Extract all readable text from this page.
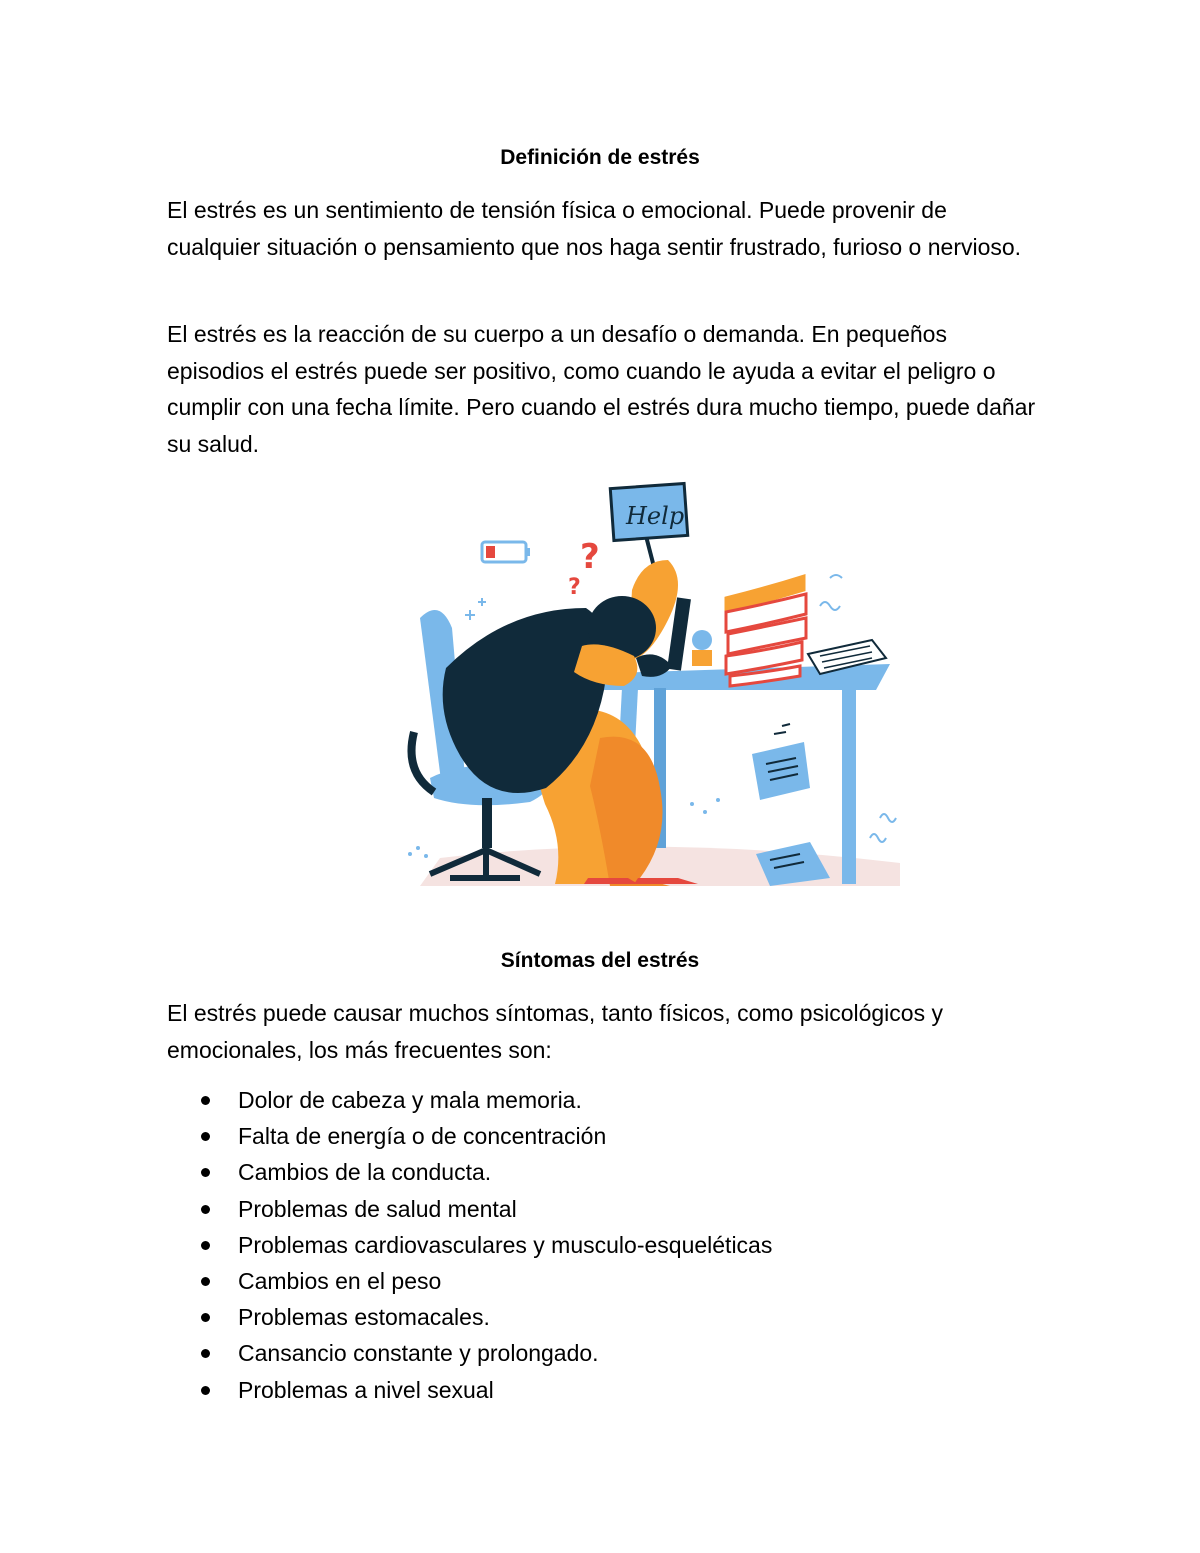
Definición de estrés

El estrés es un sentimiento de tensión física o emocional. Puede provenir de cualquier situación o pensamiento que nos haga sentir frustrado, furioso o nervioso.

El estrés es la reacción de su cuerpo a un desafío o demanda. En pequeños episodios el estrés puede ser positivo, como cuando le ayuda a evitar el peligro o cumplir con una fecha límite. Pero cuando el estrés dura mucho tiempo, puede dañar su salud.

?
?
Help
Síntomas del estrés

El estrés puede causar muchos síntomas, tanto físicos, como psicológicos y emocionales, los más frecuentes son:

Dolor de cabeza y mala memoria.
Falta de energía o de concentración
Cambios de la conducta.
Problemas de salud mental
Problemas cardiovasculares y musculo-esqueléticas
Cambios en el peso
Problemas estomacales.
Cansancio constante y prolongado.
Problemas a nivel sexual
